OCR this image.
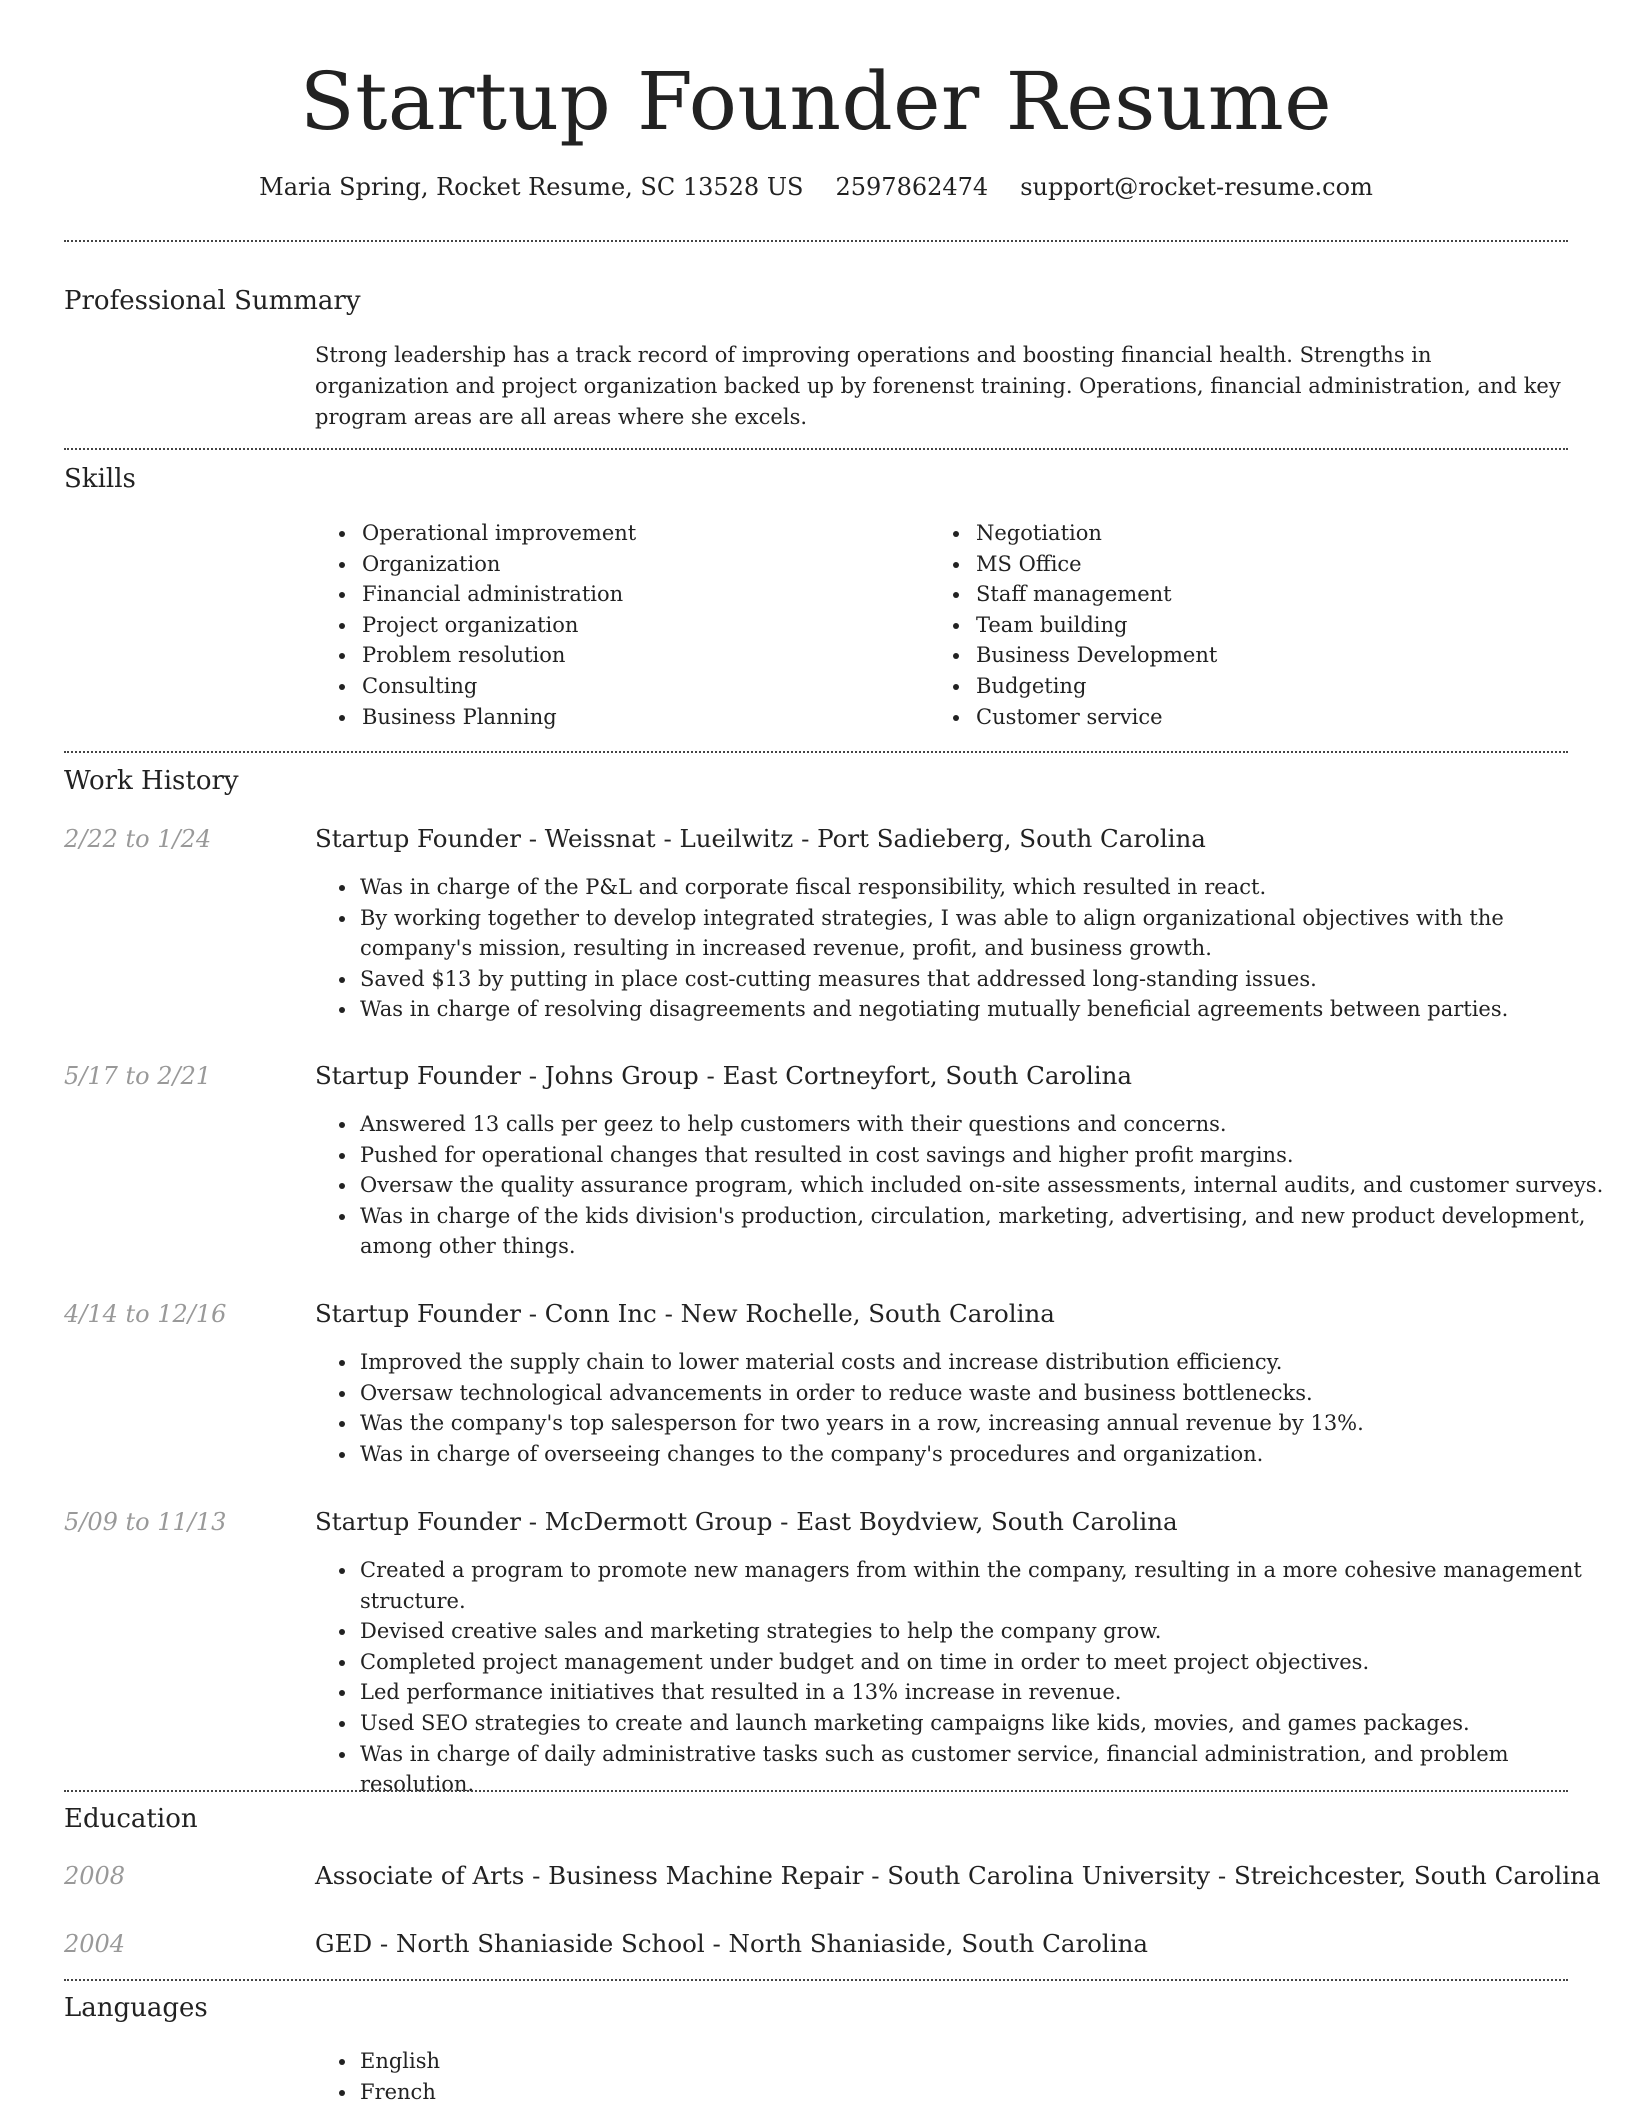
Startup Founder Resume
Maria Spring, Rocket Resume, SC 13528 US 2597862474 support@rocket-resume.com
Professional Summary
Strong leadership has a track record of improving operations and boosting financial health. Strengths in organization and project organization backed up by forenenst training. Operations, financial administration, and key program areas are all areas where she excels.
Skills
• Operational improvement
• Organization
• Financial administration
• Project organization
• Problem resolution
• Consulting
• Business Planning
• Negotiation
• MS Office
• Staff management
• Team building
• Business Development
• Budgeting
• Customer service
Work History
2/22 to 1/24	Startup Founder - Weissnat - Lueilwitz - Port Sadieberg, South Carolina
• Was in charge of the P&L and corporate fiscal responsibility, which resulted in react.
• By working together to develop integrated strategies, I was able to align organizational objectives with the company's mission, resulting in increased revenue, profit, and business growth.
• Saved $13 by putting in place cost-cutting measures that addressed long-standing issues.
• Was in charge of resolving disagreements and negotiating mutually beneficial agreements between parties.
5/17 to 2/21	Startup Founder - Johns Group - East Cortneyfort, South Carolina
• Answered 13 calls per geez to help customers with their questions and concerns.
• Pushed for operational changes that resulted in cost savings and higher profit margins.
• Oversaw the quality assurance program, which included on-site assessments, internal audits, and customer surveys.
• Was in charge of the kids division's production, circulation, marketing, advertising, and new product development, among other things.
4/14 to 12/16	Startup Founder - Conn Inc - New Rochelle, South Carolina
• Improved the supply chain to lower material costs and increase distribution efficiency.
• Oversaw technological advancements in order to reduce waste and business bottlenecks.
• Was the company's top salesperson for two years in a row, increasing annual revenue by 13%.
• Was in charge of overseeing changes to the company's procedures and organization.
5/09 to 11/13	Startup Founder - McDermott Group - East Boydview, South Carolina
• Created a program to promote new managers from within the company, resulting in a more cohesive management structure.
• Devised creative sales and marketing strategies to help the company grow.
• Completed project management under budget and on time in order to meet project objectives.
• Led performance initiatives that resulted in a 13% increase in revenue.
• Used SEO strategies to create and launch marketing campaigns like kids, movies, and games packages.
• Was in charge of daily administrative tasks such as customer service, financial administration, and problem resolution.
Education
2008	Associate of Arts - Business Machine Repair - South Carolina University - Streichcester, South Carolina
2004	GED - North Shaniaside School - North Shaniaside, South Carolina
Languages
• English
• French
